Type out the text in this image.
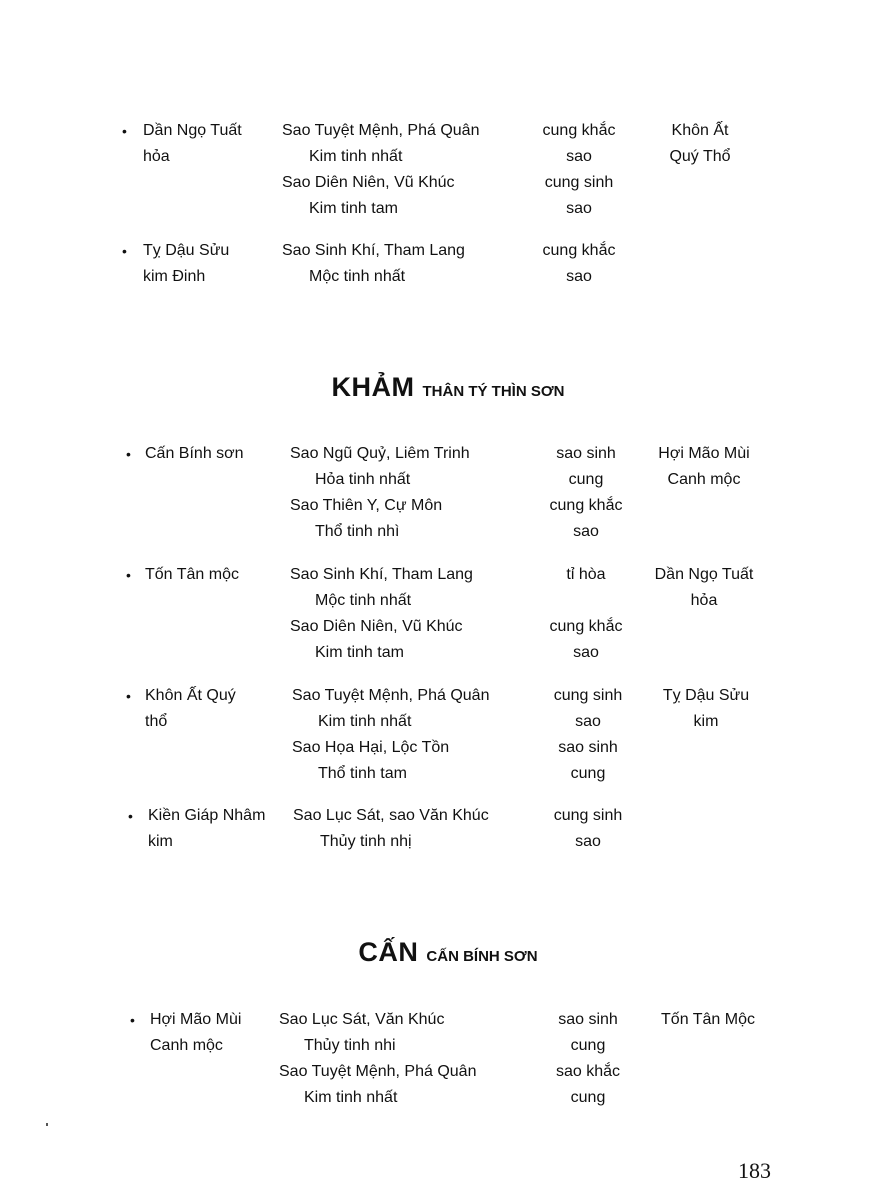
• Dần Ngọ Tuất
hỏa
Sao Tuyệt Mệnh, Phá Quân
Kim tinh nhất
Sao Diên Niên, Vũ Khúc
Kim tinh tam
cung khắc
sao
cung sinh
sao
Khôn Ất
Quý Thổ
• Tỵ Dậu Sửu
kim Đinh
Sao Sinh Khí, Tham Lang
Mộc tinh nhất
cung khắc
sao
KHẢM THÂN TÝ THÌN SƠN
• Cấn Bính sơn	Sao Ngũ Quỷ, Liêm Trinh
Hỏa tinh nhất
Sao Thiên Y, Cự Môn
Thổ tinh nhì
sao sinh
cung
cung khắc
sao
Hợi Mão Mùi
Canh mộc
• Tốn Tân mộc	Sao Sinh Khí, Tham Lang
Mộc tinh nhất
Sao Diên Niên, Vũ Khúc
Kim tinh tam
tỉ hòa
cung khắc
sao
Dần Ngọ Tuất
hỏa
• Khôn Ất Quý
thổ
Sao Tuyệt Mệnh, Phá Quân
Kim tinh nhất
Sao Họa Hại, Lộc Tồn
Thổ tinh tam
cung sinh
sao
sao sinh
cung
Tỵ Dậu Sửu
kim
• Kiền Giáp Nhâm
kim
Sao Lục Sát, sao Văn Khúc
Thủy tinh nhị
cung sinh
sao
CẤN CẤN BÍNH SƠN
• Hợi Mão Mùi
Canh mộc
Sao Lục Sát, Văn Khúc
Thủy tinh nhi
Sao Tuyệt Mệnh, Phá Quân
Kim tinh nhất
sao sinh
cung
sao khắc
cung
Tốn Tân Mộc
183
